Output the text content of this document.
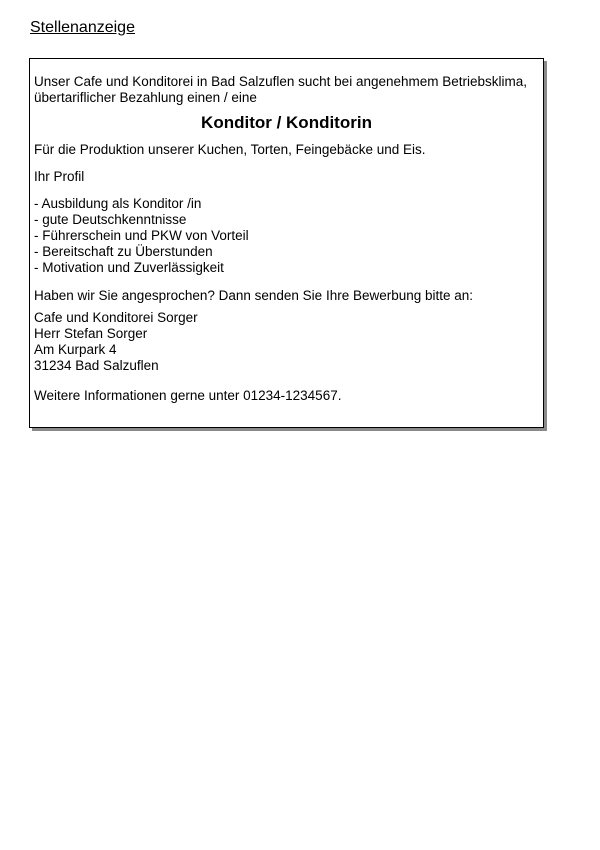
Stellenanzeige

Unser Cafe und Konditorei in Bad Salzuflen sucht bei angenehmem Betriebsklima, übertariflicher Bezahlung einen / eine

Konditor / Konditorin

Für die Produktion unserer Kuchen, Torten, Feingebäcke und Eis.

Ihr Profil

- Ausbildung als Konditor /in
- gute Deutschkenntnisse
- Führerschein und PKW von Vorteil
- Bereitschaft zu Überstunden
- Motivation und Zuverlässigkeit

Haben wir Sie angesprochen? Dann senden Sie Ihre Bewerbung bitte an:

Cafe und Konditorei Sorger
Herr Stefan Sorger
Am Kurpark 4
31234 Bad Salzuflen

Weitere Informationen gerne unter 01234-1234567.
